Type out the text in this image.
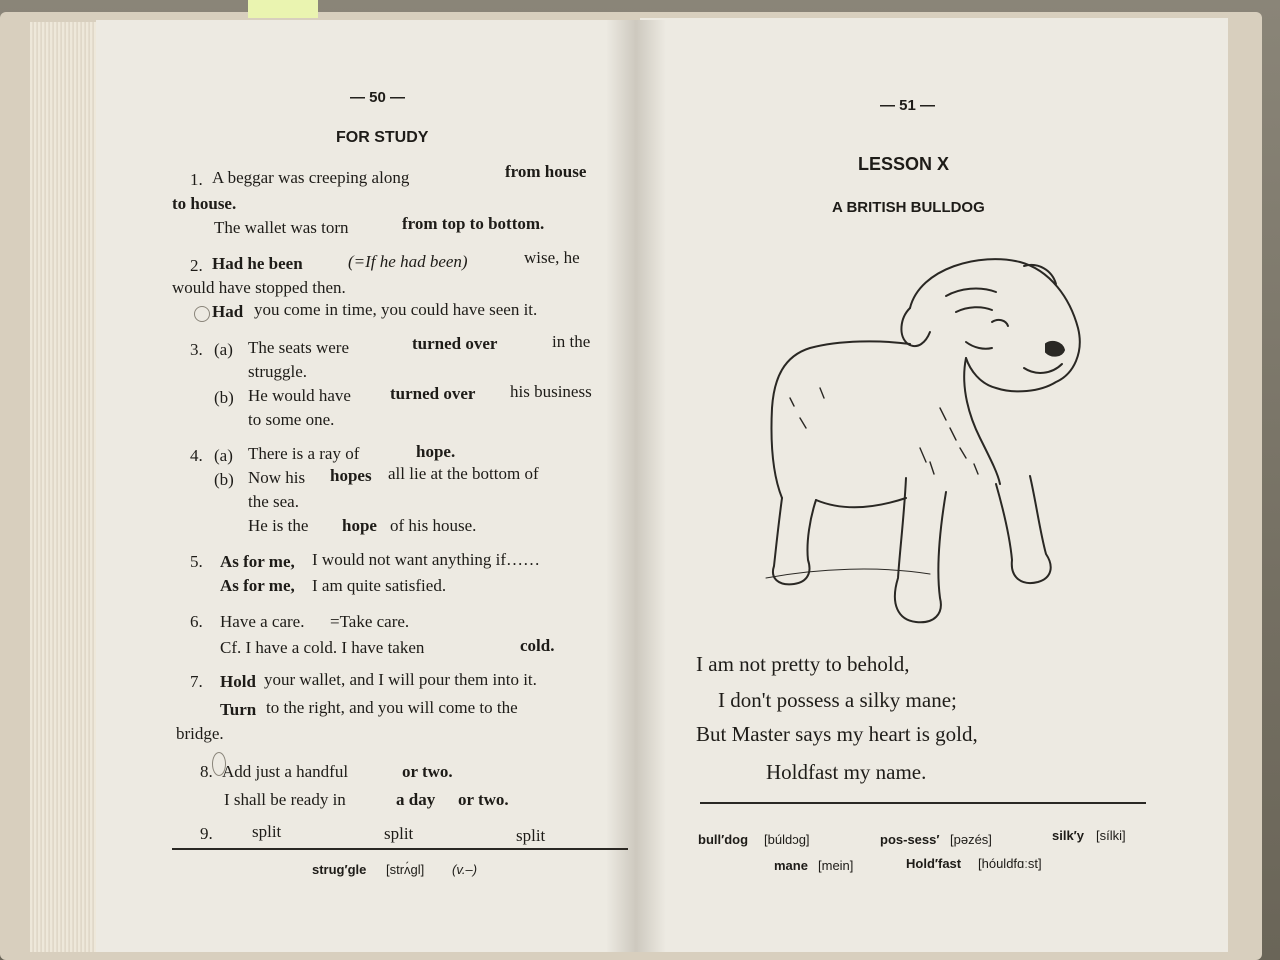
— 50 —
FOR STUDY
1. A beggar was creeping along	from house
to house.
The wallet was torn	from top to bottom.
2. Had he been	(=If he had been)	wise, he
would have stopped then.
Had you come in time, you could have seen it.
3. (a) The seats were	turned over	in the
struggle.
(b) He would have turned over his business
to some one.
4. (a) There is a ray of	hope.
(b) Now his hopes all lie at the bottom of
the sea.
He is the hope of his house.
5. As for me, I would not want anything if……
As for me, I am quite satisfied.
6. Have a care. =Take care.
Cf. I have a cold. I have taken	cold.
7. Hold your wallet, and I will pour them into it.
Turn to the right, and you will come to the
bridge.
8. Add just a handful	or two.
I shall be ready in	a day or two.
9. split	split	split
strug′gle [strʌ́gl] (v.–)
— 51 —
LESSON X
A BRITISH BULLDOG
I am not pretty to behold,
I don't possess a silky mane;
But Master says my heart is gold,
Holdfast my name.
bull′dog [búldɔg]	pos-sess′ [pəzés]	silk′y [sílki]
mane [mein]	Hold′fast [hóuldfɑːst]
